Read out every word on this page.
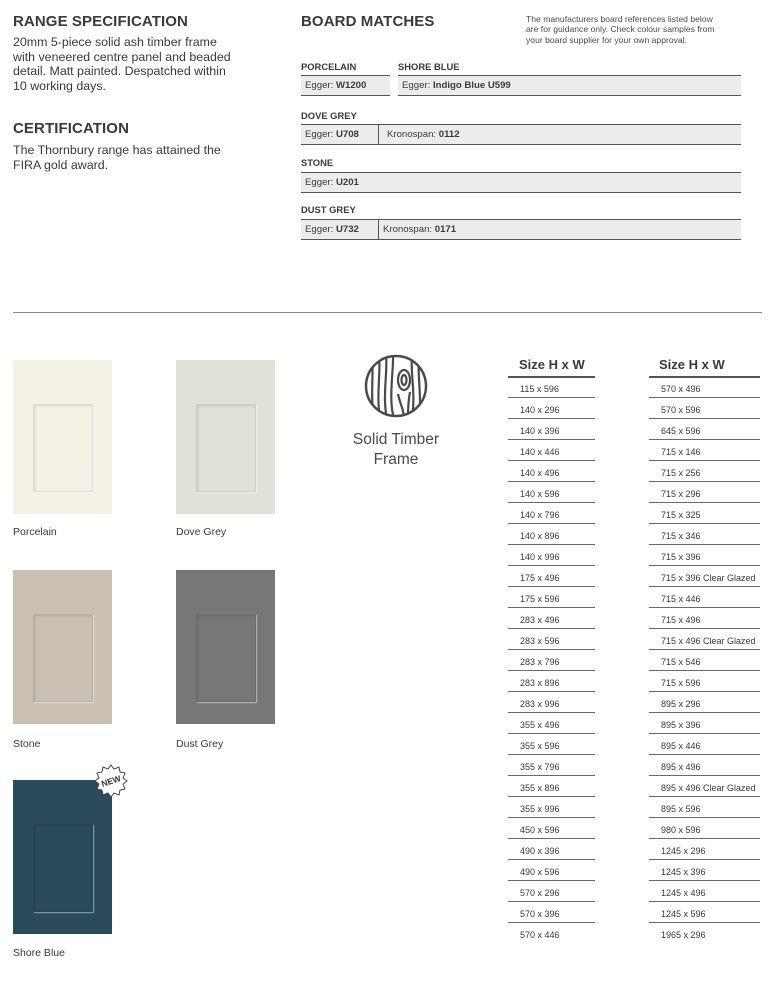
RANGE SPECIFICATION
20mm 5-piece solid ash timber frame
with veneered centre panel and beaded
detail. Matt painted. Despatched within
10 working days.
CERTIFICATION
The Thornbury range has attained the
FIRA gold award.
BOARD MATCHES	The manufacturers board references listed below
are for guidance only. Check colour samples from
your board supplier for your own approval.
PORCELAIN	SHORE BLUE
Egger: W1200	Egger: Indigo Blue U599
DOVE GREY
Egger: U708	Kronospan: 0112
STONE
Egger: U201
DUST GREY
Egger: U732	Kronospan: 0171
Porcelain	Dove Grey
Stone	Dust Grey
NEW
Shore Blue
Solid Timber
Frame
Size H x W
115 x 596
140 x 296
140 x 396
140 x 446
140 x 496
140 x 596
140 x 796
140 x 896
140 x 996
175 x 496
175 x 596
283 x 496
283 x 596
283 x 796
283 x 896
283 x 996
355 x 496
355 x 596
355 x 796
355 x 896
355 x 996
450 x 596
490 x 396
490 x 596
570 x 296
570 x 396
570 x 446
Size H x W
570 x 496
570 x 596
645 x 596
715 x 146
715 x 256
715 x 296
715 x 325
715 x 346
715 x 396
715 x 396 Clear Glazed
715 x 446
715 x 496
715 x 496 Clear Glazed
715 x 546
715 x 596
895 x 296
895 x 396
895 x 446
895 x 496
895 x 496 Clear Glazed
895 x 596
980 x 596
1245 x 296
1245 x 396
1245 x 496
1245 x 596
1965 x 296
